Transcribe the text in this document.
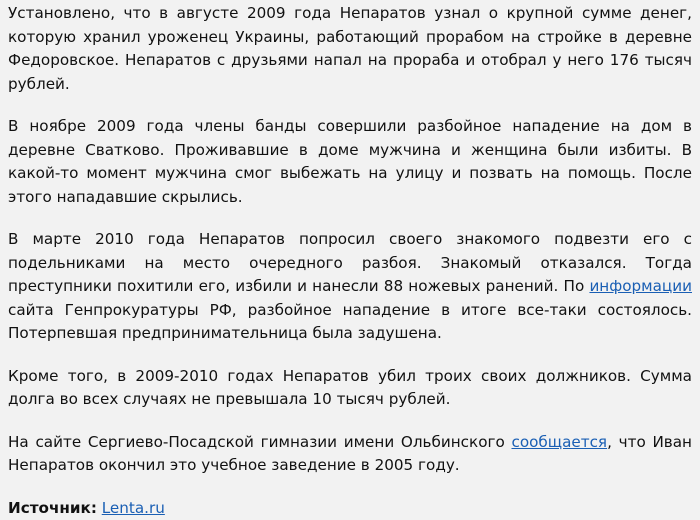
Установлено, что в августе 2009 года Непаратов узнал о крупной сумме денег, которую хранил уроженец Украины, работающий прорабом на стройке в деревне Федоровское. Непаратов с друзьями напал на прораба и отобрал у него 176 тысяч рублей.

В ноябре 2009 года члены банды совершили разбойное нападение на дом в деревне Сватково. Проживавшие в доме мужчина и женщина были избиты. В какой-то момент мужчина смог выбежать на улицу и позвать на помощь. После этого нападавшие скрылись.

В марте 2010 года Непаратов попросил своего знакомого подвезти его с подельниками на место очередного разбоя. Знакомый отказался. Тогда преступники похитили его, избили и нанесли 88 ножевых ранений. По информации сайта Генпрокуратуры РФ, разбойное нападение в итоге все-таки состоялось. Потерпевшая предпринимательница была задушена.

Кроме того, в 2009-2010 годах Непаратов убил троих своих должников. Сумма долга во всех случаях не превышала 10 тысяч рублей.

На сайте Сергиево-Посадской гимназии имени Ольбинского сообщается, что Иван Непаратов окончил это учебное заведение в 2005 году.

Источник: Lenta.ru
